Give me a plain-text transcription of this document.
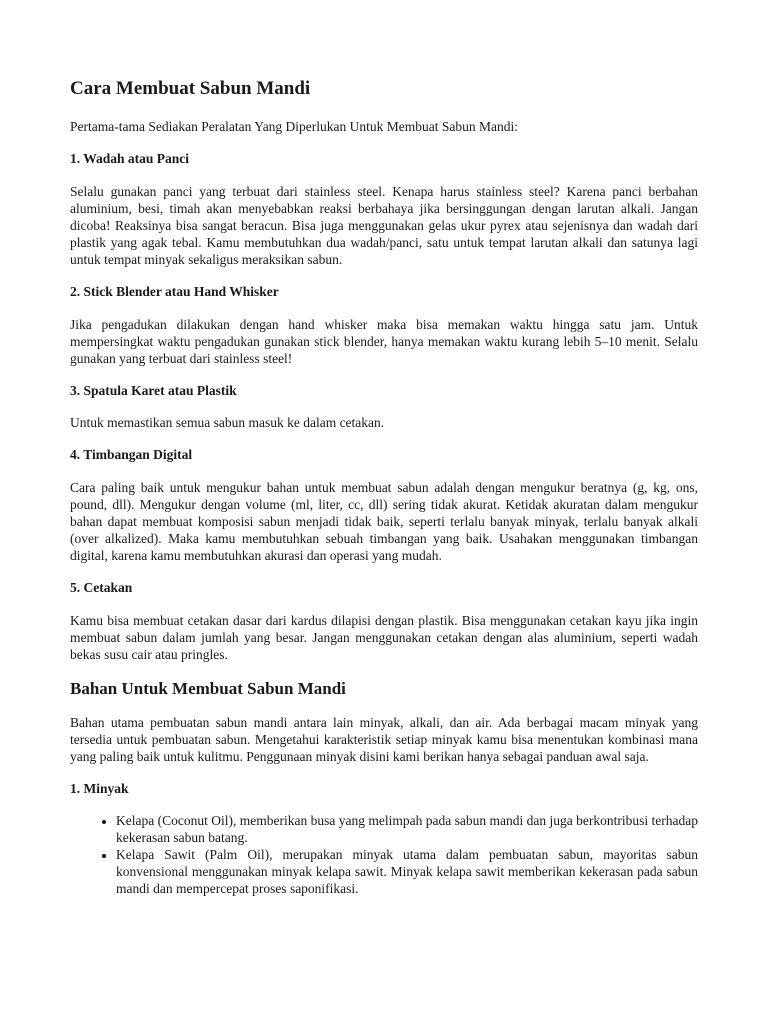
Cara Membuat Sabun Mandi

Pertama-tama Sediakan Peralatan Yang Diperlukan Untuk Membuat Sabun Mandi:

1. Wadah atau Panci

Selalu gunakan panci yang terbuat dari stainless steel. Kenapa harus stainless steel? Karena panci berbahan aluminium, besi, timah akan menyebabkan reaksi berbahaya jika bersinggungan dengan larutan alkali. Jangan dicoba! Reaksinya bisa sangat beracun. Bisa juga menggunakan gelas ukur pyrex atau sejenisnya dan wadah dari plastik yang agak tebal. Kamu membutuhkan dua wadah/panci, satu untuk tempat larutan alkali dan satunya lagi untuk tempat minyak sekaligus meraksikan sabun.

2. Stick Blender atau Hand Whisker

Jika pengadukan dilakukan dengan hand whisker maka bisa memakan waktu hingga satu jam. Untuk mempersingkat waktu pengadukan gunakan stick blender, hanya memakan waktu kurang lebih 5–10 menit. Selalu gunakan yang terbuat dari stainless steel!

3. Spatula Karet atau Plastik

Untuk memastikan semua sabun masuk ke dalam cetakan.

4. Timbangan Digital

Cara paling baik untuk mengukur bahan untuk membuat sabun adalah dengan mengukur beratnya (g, kg, ons, pound, dll). Mengukur dengan volume (ml, liter, cc, dll) sering tidak akurat. Ketidak akuratan dalam mengukur bahan dapat membuat komposisi sabun menjadi tidak baik, seperti terlalu banyak minyak, terlalu banyak alkali (over alkalized). Maka kamu membutuhkan sebuah timbangan yang baik. Usahakan menggunakan timbangan digital, karena kamu membutuhkan akurasi dan operasi yang mudah.

5. Cetakan

Kamu bisa membuat cetakan dasar dari kardus dilapisi dengan plastik. Bisa menggunakan cetakan kayu jika ingin membuat sabun dalam jumlah yang besar. Jangan menggunakan cetakan dengan alas aluminium, seperti wadah bekas susu cair atau pringles.

Bahan Untuk Membuat Sabun Mandi

Bahan utama pembuatan sabun mandi antara lain minyak, alkali, dan air. Ada berbagai macam minyak yang tersedia untuk pembuatan sabun. Mengetahui karakteristik setiap minyak kamu bisa menentukan kombinasi mana yang paling baik untuk kulitmu. Penggunaan minyak disini kami berikan hanya sebagai panduan awal saja.

1. Minyak
• Kelapa (Coconut Oil), memberikan busa yang melimpah pada sabun mandi dan juga berkontribusi terhadap kekerasan sabun batang.
• Kelapa Sawit (Palm Oil), merupakan minyak utama dalam pembuatan sabun, mayoritas sabun konvensional menggunakan minyak kelapa sawit. Minyak kelapa sawit memberikan kekerasan pada sabun mandi dan mempercepat proses saponifikasi.
